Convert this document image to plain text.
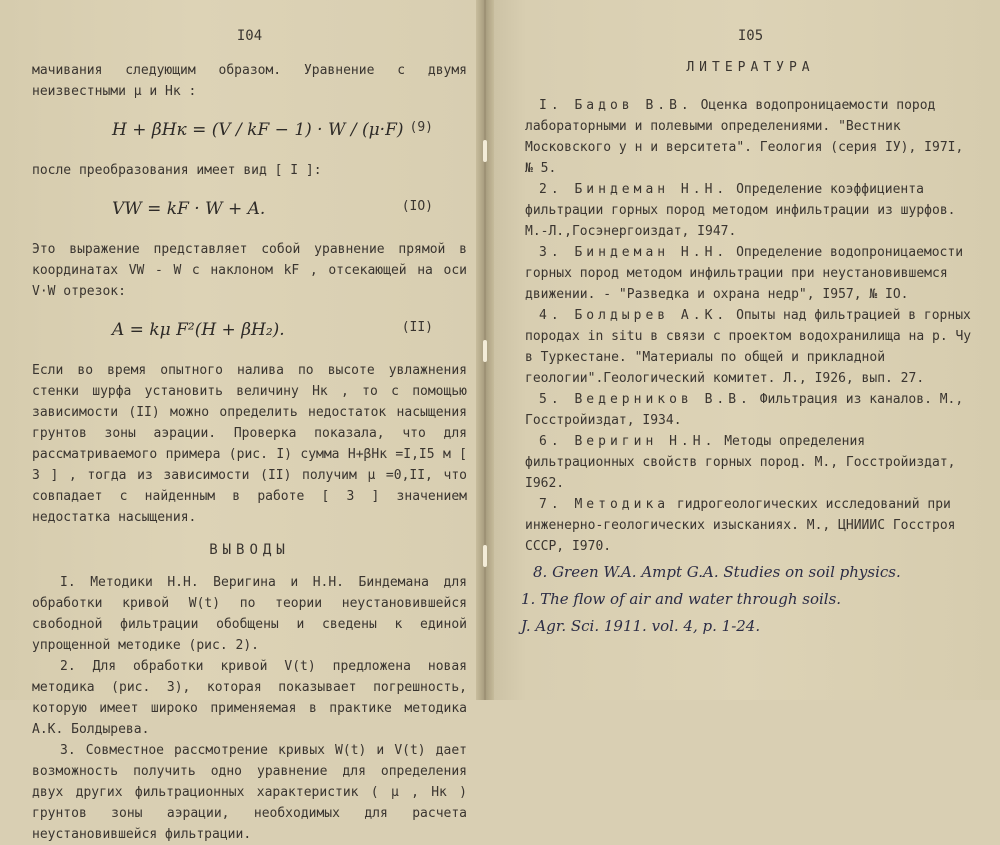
I04

мачивания следующим образом. Уравнение с двумя неизвестными μ и Hк :

H + βHк = (V / kF − 1) · W / (μ·F) (9)

после преобразования имеет вид [ I ]:

VW = kF · W + A.	(IO)

Это выражение представляет собой уравнение прямой в координатах VW - W с наклоном kF , отсекающей на оси V·W отрезок:

A = kμ F²(H + βH₂).	(II)

Если во время опытного налива по высоте увлажнения стенки шурфа установить величину Hк , то с помощью зависимости (II) можно определить недостаток насыщения грунтов зоны аэрации. Проверка показала, что для рассматриваемого примера (рис. I) сумма H+βHк =I,I5 м [ 3 ] , тогда из зависимости (II) получим μ =0,II, что совпадает с найденным в работе [ 3 ] значением недостатка насыщения.

ВЫВОДЫ

I. Методики Н.Н. Веригина и Н.Н. Биндемана для обработки кривой W(t) по теории неустановившейся свободной фильтрации обобщены и сведены к единой упрощенной методике (рис. 2).

2. Для обработки кривой V(t) предложена новая методика (рис. 3), которая показывает погрешность, которую имеет широко применяемая в практике методика А.К. Болдырева.

3. Совместное рассмотрение кривых W(t) и V(t) дает возможность получить одно уравнение для определения двух других фильтрационных характеристик ( μ , Hк ) грунтов зоны аэрации, необходимых для расчета неустановившейся фильтрации.

I05
ЛИТЕРАТУРА

I. Бадов В.В. Оценка водопроницаемости пород лабораторными и полевыми определениями. "Вестник Московского у н и верситета". Геология (серия IУ), I97I, № 5.

2. Биндеман Н.Н. Определение коэффициента фильтрации горных пород методом инфильтрации из шурфов. М.-Л.,Госэнергоиздат, I947.

3. Биндеман Н.Н. Определение водопроницаемости горных пород методом инфильтрации при неустановившемся движении. - "Разведка и охрана недр", I957, № IO.

4. Болдырев А.К. Опыты над фильтрацией в горных породах in situ в связи с проектом водохранилища на р. Чу в Туркестане. "Материалы по общей и прикладной геологии".Геологический комитет. Л., I926, вып. 27.

5. Ведерников В.В. Фильтрация из каналов. М., Госстройиздат, I934.

6. Веригин Н.Н. Методы определения фильтрационных свойств горных пород. М., Госстройиздат, I962.

7. Методика гидрогеологических исследований при инженерно-геологических изысканиях. М., ЦНИИИС Госстроя СССР, I970.

8. Green W.A. Ampt G.A. Studies on soil physics.
1. The flow of air and water through soils.
J. Agr. Sci. 1911. vol. 4, p. 1-24.
